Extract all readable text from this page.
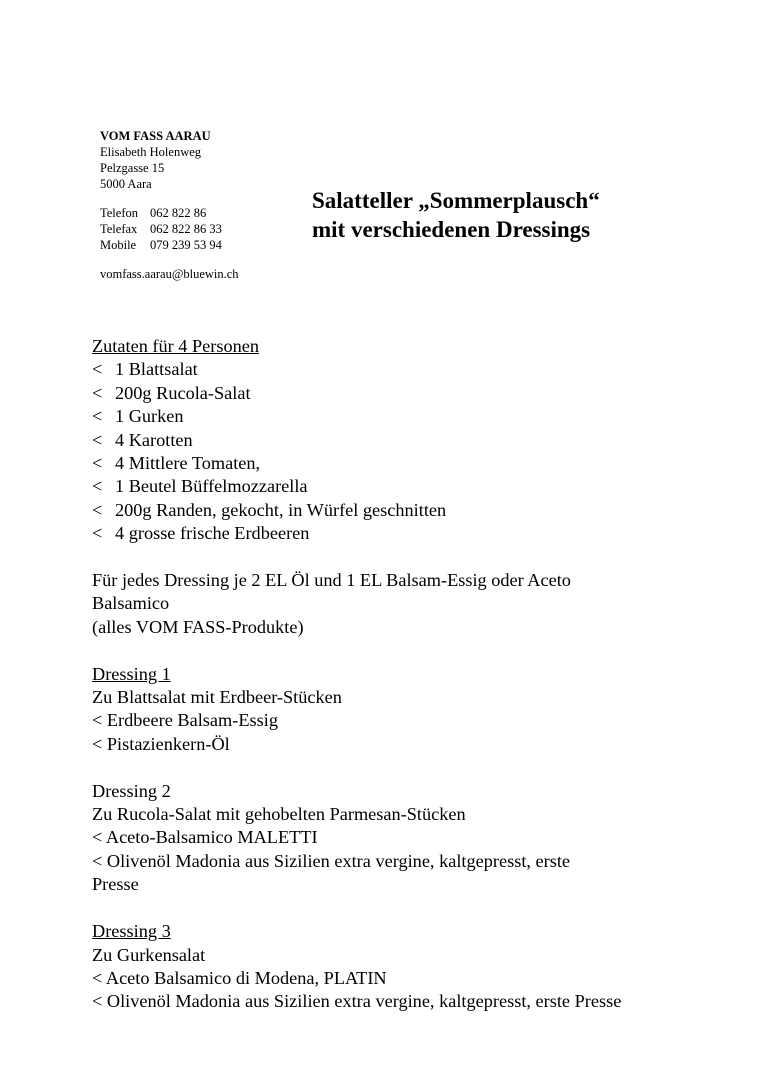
VOM FASS AARAU
Elisabeth Holenweg
Pelzgasse 15
5000 Aara
Telefon 062 822 86
Telefax 062 822 86 33
Mobile 079 239 53 94
vomfass.aarau@bluewin.ch
Salatteller „Sommerplausch“
mit verschiedenen Dressings
Zutaten für 4 Personen
< 1 Blattsalat
< 200g Rucola-Salat
< 1 Gurken
< 4 Karotten
< 4 Mittlere Tomaten,
< 1 Beutel Büffelmozzarella
< 200g Randen, gekocht, in Würfel geschnitten
< 4 grosse frische Erdbeeren
Für jedes Dressing je 2 EL Öl und 1 EL Balsam-Essig oder Aceto
Balsamico
(alles VOM FASS-Produkte)
Dressing 1
Zu Blattsalat mit Erdbeer-Stücken
< Erdbeere Balsam-Essig
< Pistazienkern-Öl
Dressing 2
Zu Rucola-Salat mit gehobelten Parmesan-Stücken
< Aceto-Balsamico MALETTI
< Olivenöl Madonia aus Sizilien extra vergine, kaltgepresst, erste
Presse
Dressing 3
Zu Gurkensalat
< Aceto Balsamico di Modena, PLATIN
< Olivenöl Madonia aus Sizilien extra vergine, kaltgepresst, erste Presse
